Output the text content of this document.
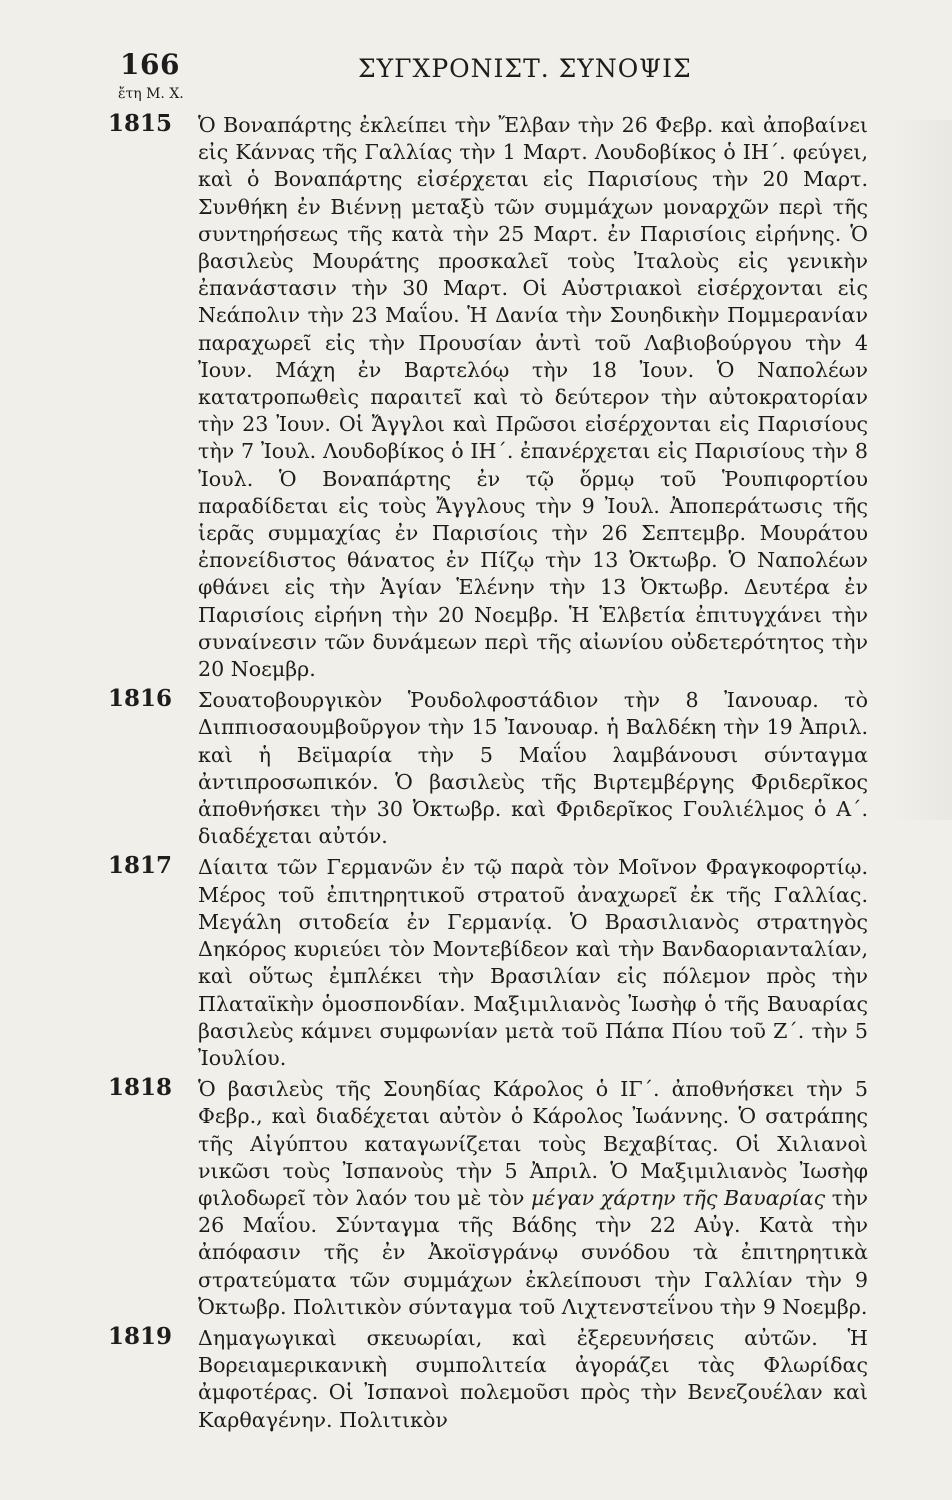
166	ΣΥΓΧΡΟΝΙΣΤ. ΣΥΝΟΨΙΣ
ἔτη Μ. Χ.
1815 Ὁ Βοναπάρτης ἐκλείπει τὴν Ἔλβαν τὴν 26 Φεβρ. καὶ ἀποβαίνει εἰς Κάννας τῆς Γαλλίας τὴν 1 Μαρτ. Λουδοβίκος ὁ ΙΗ΄. φεύγει, καὶ ὁ Βοναπάρτης εἰσέρχεται εἰς Παρισίους τὴν 20 Μαρτ. Συνθήκη ἐν Βιέννῃ μεταξὺ τῶν συμμάχων μοναρχῶν περὶ τῆς συντηρήσεως τῆς κατὰ τὴν 25 Μαρτ. ἐν Παρισίοις εἰρήνης. Ὁ βασιλεὺς Μουράτης προσκαλεῖ τοὺς Ἰταλοὺς εἰς γενικὴν ἐπανάστασιν τὴν 30 Μαρτ. Οἱ Αὐστριακοὶ εἰσέρχονται εἰς Νεάπολιν τὴν 23 Μαΐου. Ἡ Δανία τὴν Σουηδικὴν Πομμερανίαν παραχωρεῖ εἰς τὴν Προυσίαν ἀντὶ τοῦ Λαβιοβούργου τὴν 4 Ἰουν. Μάχη ἐν Βαρτελόῳ τὴν 18 Ἰουν. Ὁ Ναπολέων κατατροπωθεὶς παραιτεῖ καὶ τὸ δεύτερον τὴν αὐτοκρατορίαν τὴν 23 Ἰουν. Οἱ Ἄγγλοι καὶ Πρῶσοι εἰσέρχονται εἰς Παρισίους τὴν 7 Ἰουλ. Λουδοβίκος ὁ ΙΗ΄. ἐπανέρχεται εἰς Παρισίους τὴν 8 Ἰουλ. Ὁ Βοναπάρτης ἐν τῷ ὅρμῳ τοῦ Ῥουπιφορτίου παραδίδεται εἰς τοὺς Ἄγγλους τὴν 9 Ἰουλ. Ἀποπεράτωσις τῆς ἱερᾶς συμμαχίας ἐν Παρισίοις τὴν 26 Σεπτεμβρ. Μουράτου ἐπονείδιστος θάνατος ἐν Πίζῳ τὴν 13 Ὀκτωβρ. Ὁ Ναπολέων φθάνει εἰς τὴν Ἁγίαν Ἑλένην τὴν 13 Ὀκτωβρ. Δευτέρα ἐν Παρισίοις εἰρήνη τὴν 20 Νοεμβρ. Ἡ Ἑλβετία ἐπιτυγχάνει τὴν συναίνεσιν τῶν δυνάμεων περὶ τῆς αἰωνίου οὐδετερότητος τὴν 20 Νοεμβρ.
1816 Σουατοβουργικὸν Ῥουδολφοστάδιον τὴν 8 Ἰανουαρ. τὸ Διππιοσαουμβοῦργον τὴν 15 Ἰανουαρ. ἡ Βαλδέκη τὴν 19 Ἀπριλ. καὶ ἡ Βεϊμαρία τὴν 5 Μαΐου λαμβάνουσι σύνταγμα ἀντιπροσωπικόν. Ὁ βασιλεὺς τῆς Βιρτεμβέργης Φριδερῖκος ἀποθνήσκει τὴν 30 Ὀκτωβρ. καὶ Φριδερῖκος Γουλιέλμος ὁ Α΄. διαδέχεται αὐτόν.
1817 Δίαιτα τῶν Γερμανῶν ἐν τῷ παρὰ τὸν Μοῖνον Φραγκοφορτίῳ. Μέρος τοῦ ἐπιτηρητικοῦ στρατοῦ ἀναχωρεῖ ἐκ τῆς Γαλλίας. Μεγάλη σιτοδεία ἐν Γερμανίᾳ. Ὁ Βρασιλιανὸς στρατηγὸς Δηκόρος κυριεύει τὸν Μοντεβίδεον καὶ τὴν Βανδαοριανταλίαν, καὶ οὕτως ἐμπλέκει τὴν Βρασιλίαν εἰς πόλεμον πρὸς τὴν Πλαταϊκὴν ὁμοσπονδίαν. Μαξιμιλιανὸς Ἰωσὴφ ὁ τῆς Βαυαρίας βασιλεὺς κάμνει συμφωνίαν μετὰ τοῦ Πάπα Πίου τοῦ Ζ΄. τὴν 5 Ἰουλίου.
1818 Ὁ βασιλεὺς τῆς Σουηδίας Κάρολος ὁ ΙΓ΄. ἀποθνήσκει τὴν 5 Φεβρ., καὶ διαδέχεται αὐτὸν ὁ Κάρολος Ἰωάννης. Ὁ σατράπης τῆς Αἰγύπτου καταγωνίζεται τοὺς Βεχαβίτας. Οἱ Χιλιανοὶ νικῶσι τοὺς Ἰσπανοὺς τὴν 5 Ἀπριλ. Ὁ Μαξιμιλιανὸς Ἰωσὴφ φιλοδωρεῖ τὸν λαόν του μὲ τὸν μέγαν χάρτην τῆς Βαυαρίας τὴν 26 Μαΐου. Σύνταγμα τῆς Βάδης τὴν 22 Αὐγ. Κατὰ τὴν ἀπόφασιν τῆς ἐν Ἀκοϊσγράνῳ συνόδου τὰ ἐπιτηρητικὰ στρατεύματα τῶν συμμάχων ἐκλείπουσι τὴν Γαλλίαν τὴν 9 Ὀκτωβρ. Πολιτικὸν σύνταγμα τοῦ Λιχτενστεΐνου τὴν 9 Νοεμβρ.
1819 Δημαγωγικαὶ σκευωρίαι, καὶ ἐξερευνήσεις αὐτῶν. Ἡ Βορειαμερικανικὴ συμπολιτεία ἀγοράζει τὰς Φλωρίδας ἀμφοτέρας. Οἱ Ἰσπανοὶ πολεμοῦσι πρὸς τὴν Βενεζουέλαν καὶ Καρθαγένην. Πολιτικὸν
